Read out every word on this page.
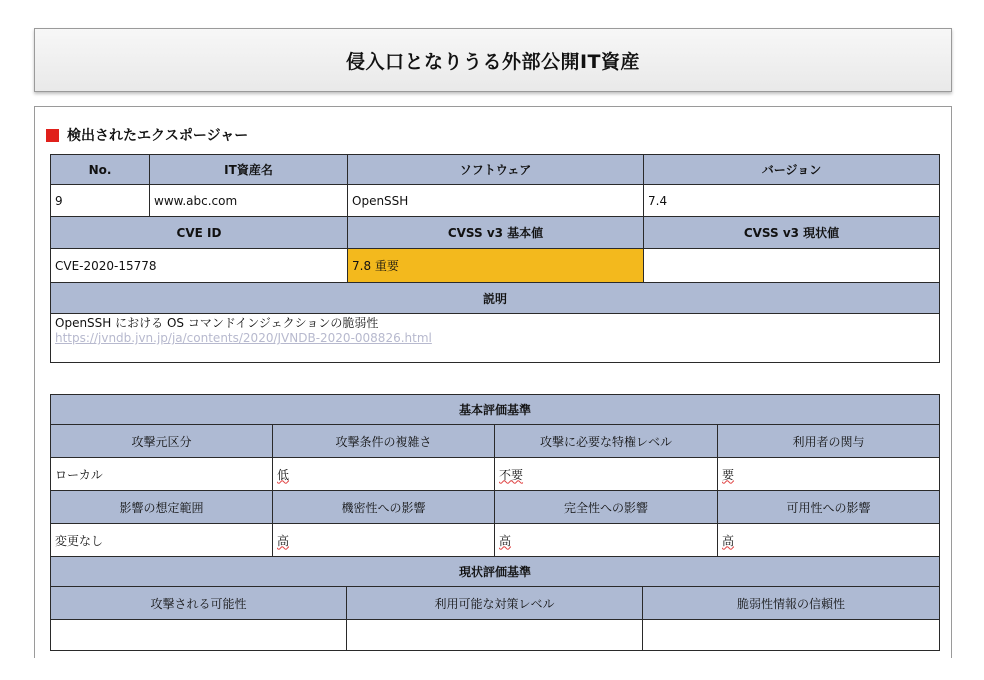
侵入口となりうる外部公開IT資産
検出されたエクスポージャー
No.	IT資産名	ソフトウェア	バージョン
9	www.abc.com	OpenSSH	7.4
CVE ID		CVSS v3 基本値	CVSS v3 現状値
CVE-2020-15778		7.8 重要	
説明			

OpenSSH における OS コマンドインジェクションの脆弱性
https://jvndb.jvn.jp/ja/contents/2020/JVNDB-2020-008826.html			
基本評価基準					
攻撃元区分	攻撃条件の複雑さ		攻撃に必要な特権レベル		利用者の関与
ローカル	低		不要		要
影響の想定範囲	機密性への影響		完全性への影響		可用性への影響
変更なし	高		高		高
現状評価基準					
攻撃される可能性		利用可能な対策レベル		脆弱性情報の信頼性	
